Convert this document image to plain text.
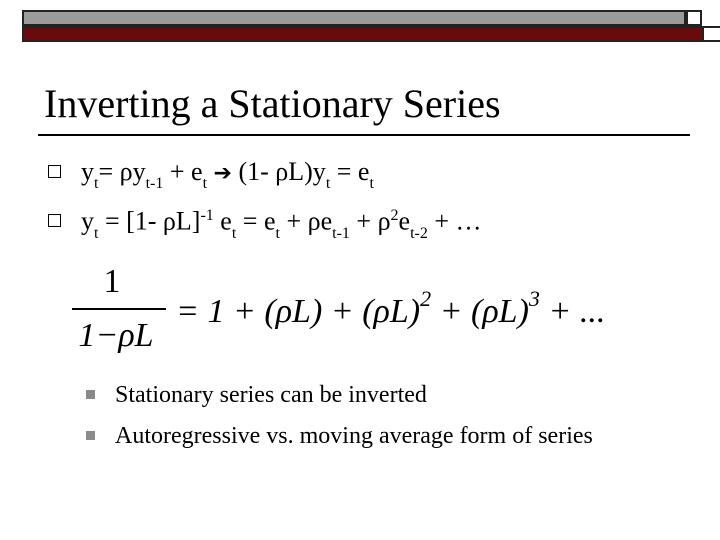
Inverting a Stationary Series
$y_t= \rho y_{t-1} + e_t$ ➔ (1- $\rho L)y_t = e_t$
$y_t = [1-$ ρL]$^{-1}$ $e_t = e_t + \rho e_{t-1} + \rho^2e_{t-2}$ + …
1
1−ρL
= $1 + (\rho L) + (\rho L)^2 + (\rho L)^3$ + ...
Stationary series can be inverted
Autoregressive vs. moving average form of series
